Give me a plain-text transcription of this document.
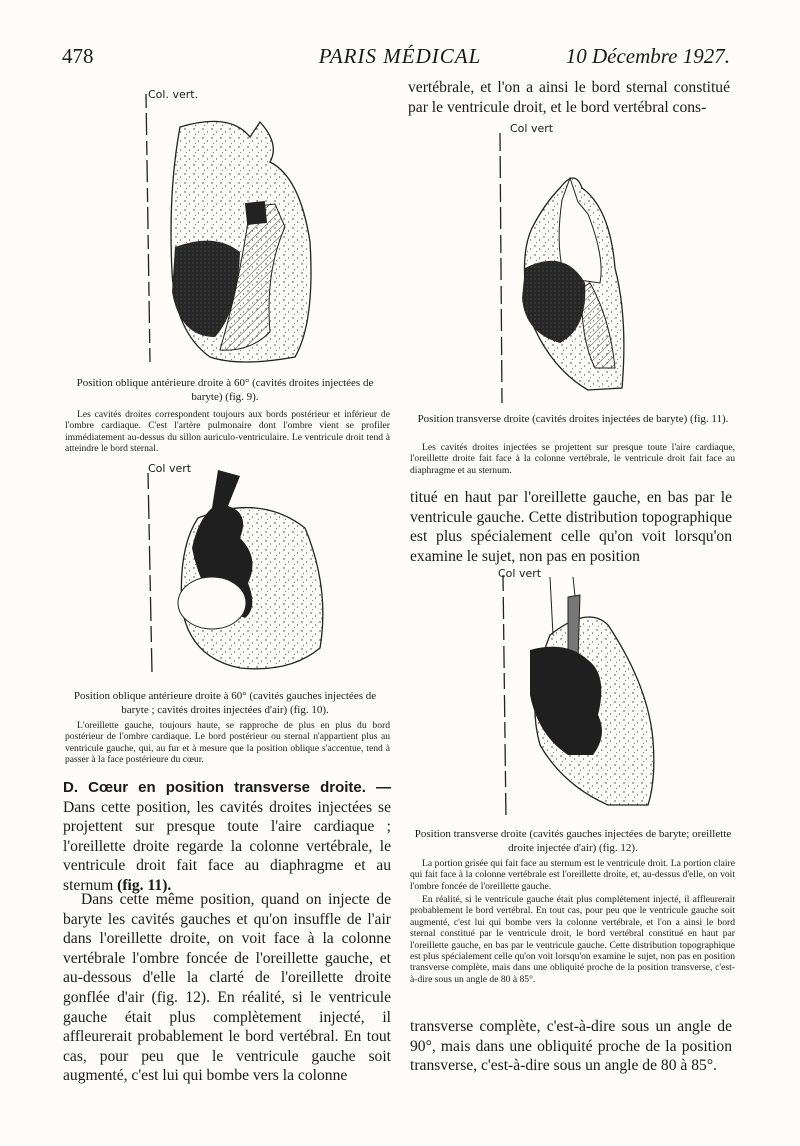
478	PARIS MÉDICAL	10 Décembre 1927.
vertébrale, et l'on a ainsi le bord sternal constitué par le ventricule droit, et le bord vertébral cons-
Col. vert.
Position oblique antérieure droite à 60° (cavités droites injectées de baryte) (fig. 9).
Les cavités droites correspondent toujours aux bords postérieur et inférieur de l'ombre cardiaque. C'est l'artère pulmonaire dont l'ombre vient se profiler immédiatement au-dessus du sillon auriculo-ventriculaire. Le ventricule droit tend à atteindre le bord sternal.
Col vert
Position oblique antérieure droite à 60° (cavités gauches injectées de baryte ; cavités droites injectées d'air) (fig. 10).
L'oreillette gauche, toujours haute, se rapproche de plus en plus du bord postérieur de l'ombre cardiaque. Le bord postérieur ou sternal n'appartient plus au ventricule gauche, qui, au fur et à mesure que la position oblique s'accentue, tend à passer à la face postérieure du cœur.
D. Cœur en position transverse droite. — Dans cette position, les cavités droites injectées se projettent sur presque toute l'aire cardiaque ; l'oreillette droite regarde la colonne vertébrale, le ventricule droit fait face au diaphragme et au sternum (fig. 11).
Dans cette même position, quand on injecte de baryte les cavités gauches et qu'on insuffle de l'air dans l'oreillette droite, on voit face à la colonne vertébrale l'ombre foncée de l'oreillette gauche, et au-dessous d'elle la clarté de l'oreillette droite gonflée d'air (fig. 12). En réalité, si le ventricule gauche était plus complètement injecté, il affleurerait probablement le bord vertébral. En tout cas, pour peu que le ventricule gauche soit augmenté, c'est lui qui bombe vers la colonne
Col vert
Position transverse droite (cavités droites injectées de baryte) (fig. 11).
Les cavités droites injectées se projettent sur presque toute l'aire cardiaque, l'oreillette droite fait face à la colonne vertébrale, le ventricule droit fait face au diaphragme et au sternum.
titué en haut par l'oreillette gauche, en bas par le ventricule gauche. Cette distribution topographique est plus spécialement celle qu'on voit lorsqu'on examine le sujet, non pas en position
Col vert
Position transverse droite (cavités gauches injectées de baryte; oreillette droite injectée d'air) (fig. 12).
La portion grisée qui fait face au sternum est le ventricule droit. La portion claire qui fait face à la colonne vertébrale est l'oreillette droite, et, au-dessus d'elle, on voit l'ombre foncée de l'oreillette gauche.
En réalité, si le ventricule gauche était plus complètement injecté, il affleurerait probablement le bord vertébral. En tout cas, pour peu que le ventricule gauche soit augmenté, c'est lui qui bombe vers la colonne vertébrale, et l'on a ainsi le bord sternal constitué par le ventricule droit, le bord vertébral constitué en haut par l'oreillette gauche, en bas par le ventricule gauche. Cette distribution topographique est plus spécialement celle qu'on voit lorsqu'on examine le sujet, non pas en position transverse complète, mais dans une obliquité proche de la position transverse, c'est-à-dire sous un angle de 80 à 85°.
transverse complète, c'est-à-dire sous un angle de 90°, mais dans une obliquité proche de la position transverse, c'est-à-dire sous un angle de 80 à 85°.
